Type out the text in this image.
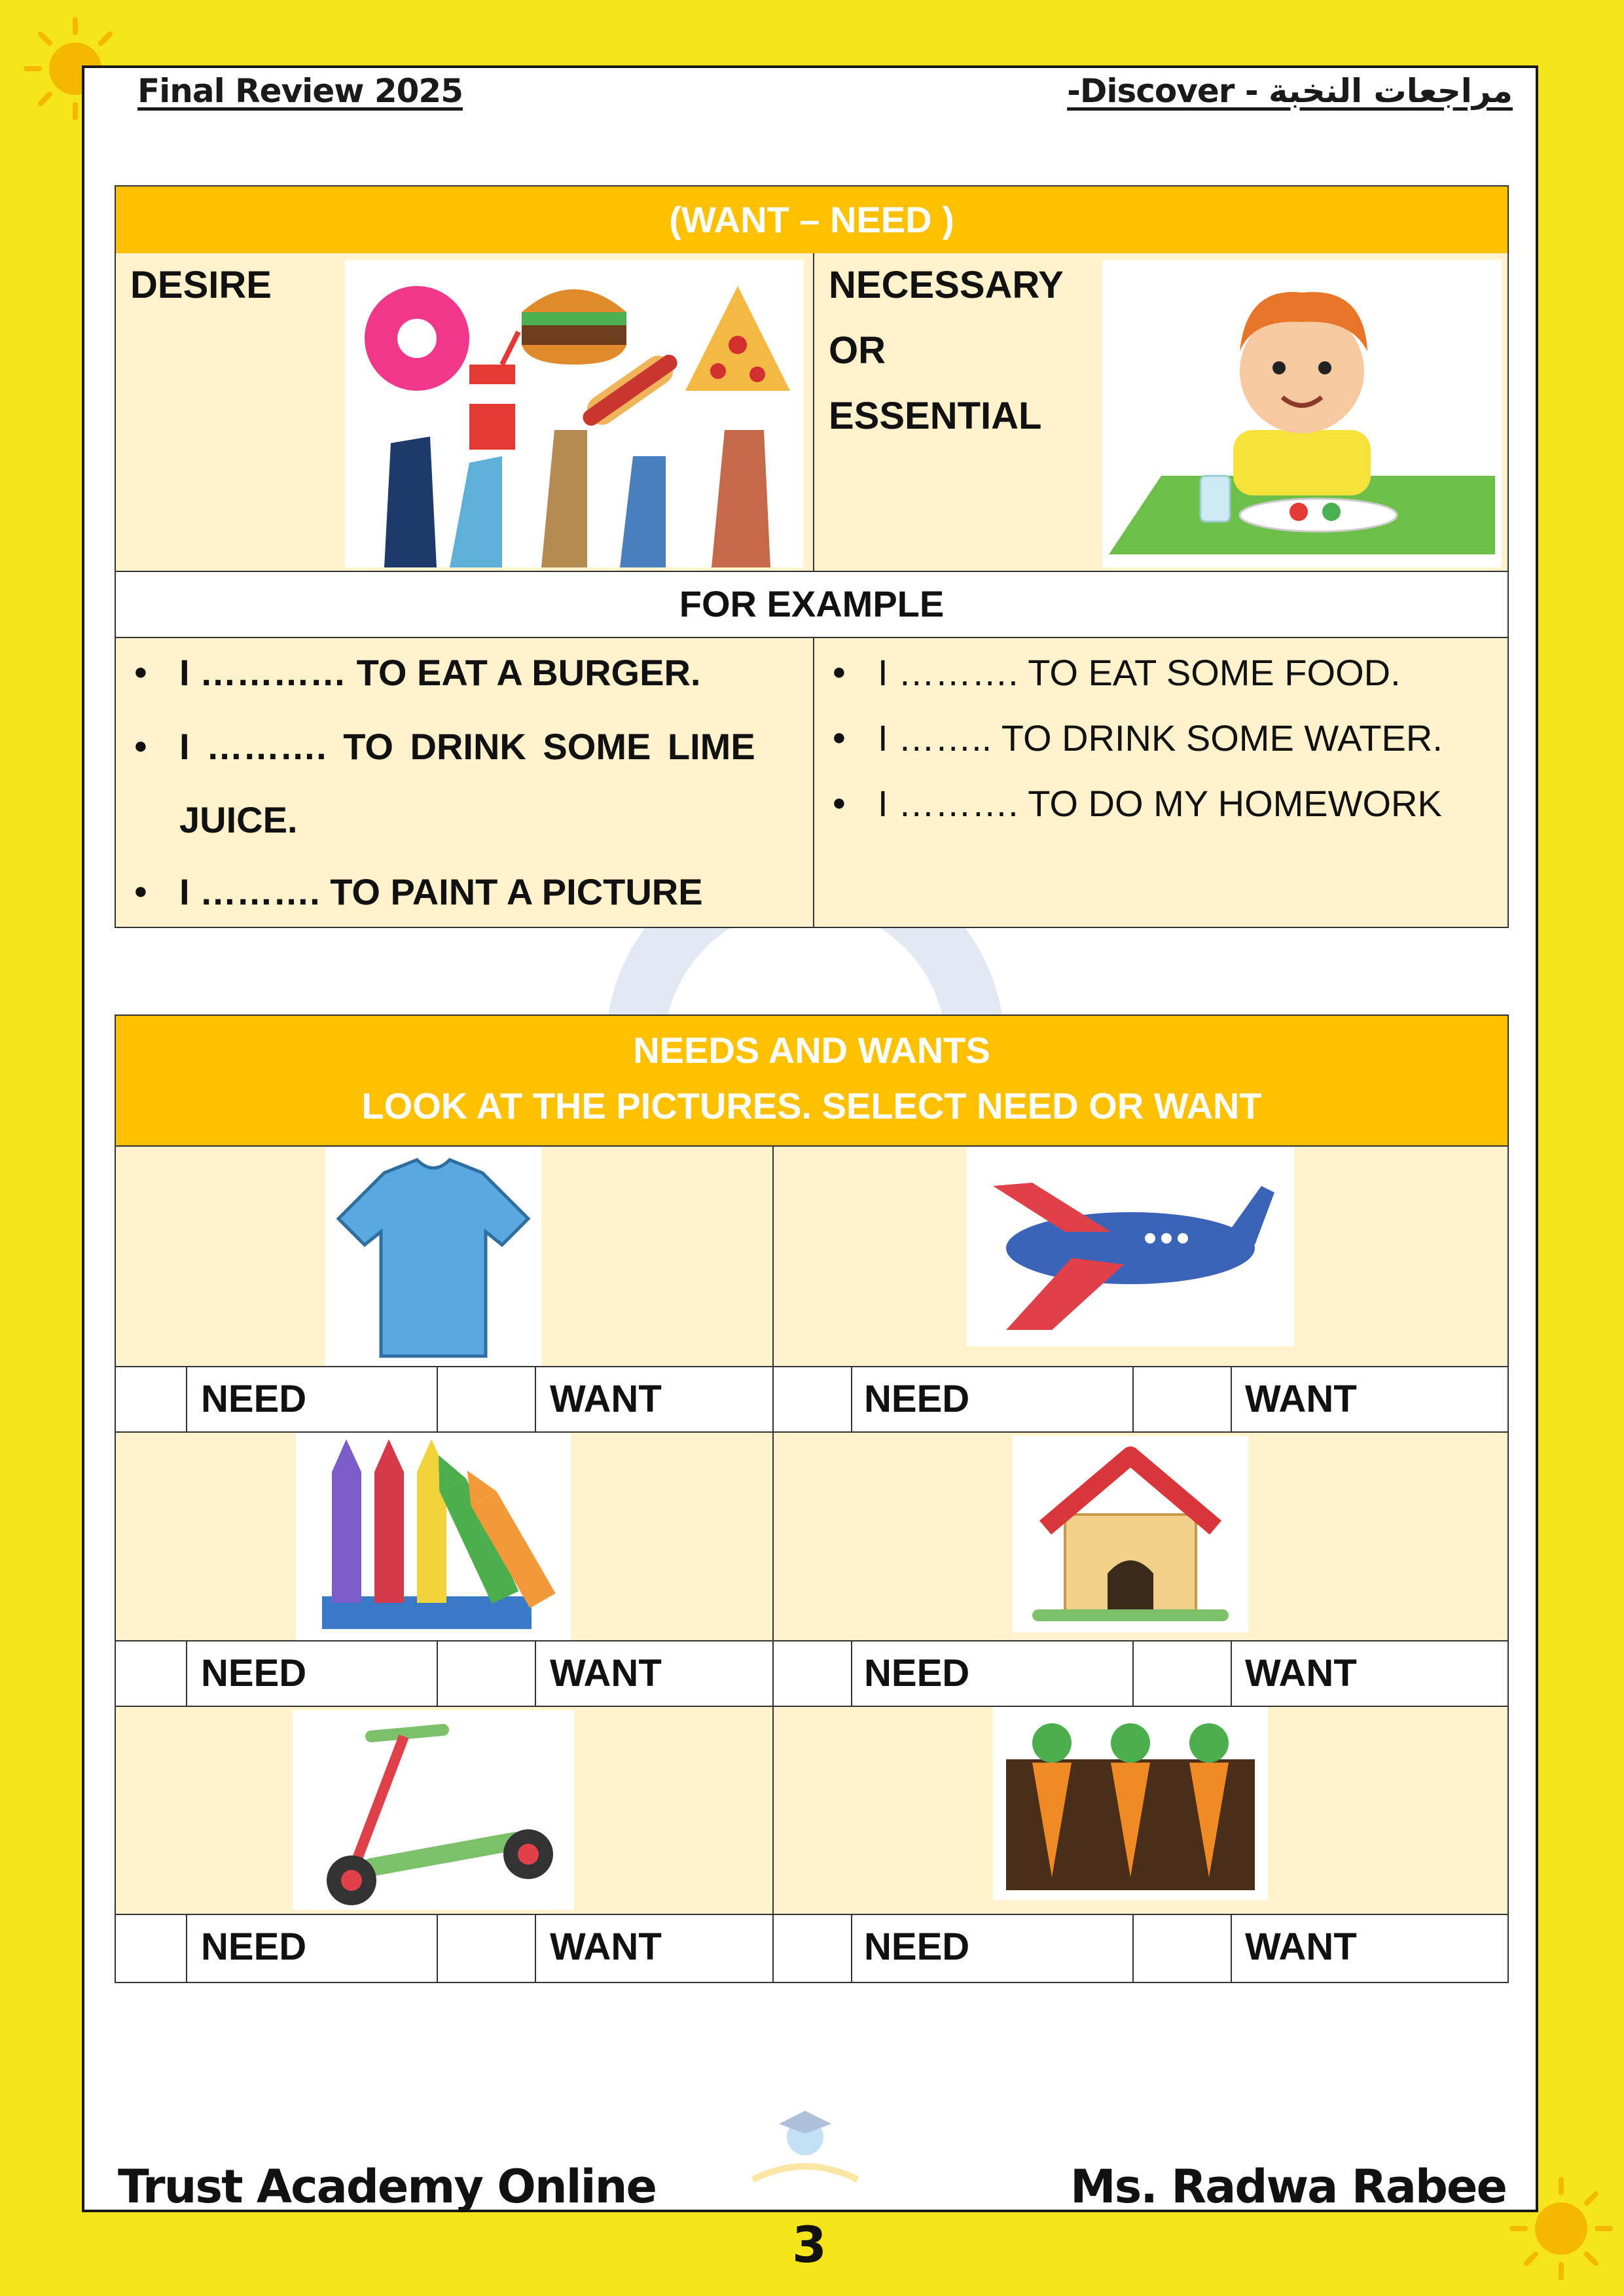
Final Review 2025	-Discover - مراجعات النخبة
(WANT – NEED )
DESIRE	NECESSARY
OR
ESSENTIAL
FOR EXAMPLE
● I ………… TO EAT A BURGER.
● I ………. TO DRINK SOME LIME
JUICE.
● I ………. TO PAINT A PICTURE
● I ………. TO EAT SOME FOOD.
● I …….. TO DRINK SOME WATER.
● I ………. TO DO MY HOMEWORK
NEEDS AND WANTS
LOOK AT THE PICTURES. SELECT NEED OR WANT
NEED	WANT	NEED	WANT
NEED	WANT	NEED	WANT
NEED	WANT	NEED	WANT
Trust Academy Online	Ms. Radwa Rabee
3
